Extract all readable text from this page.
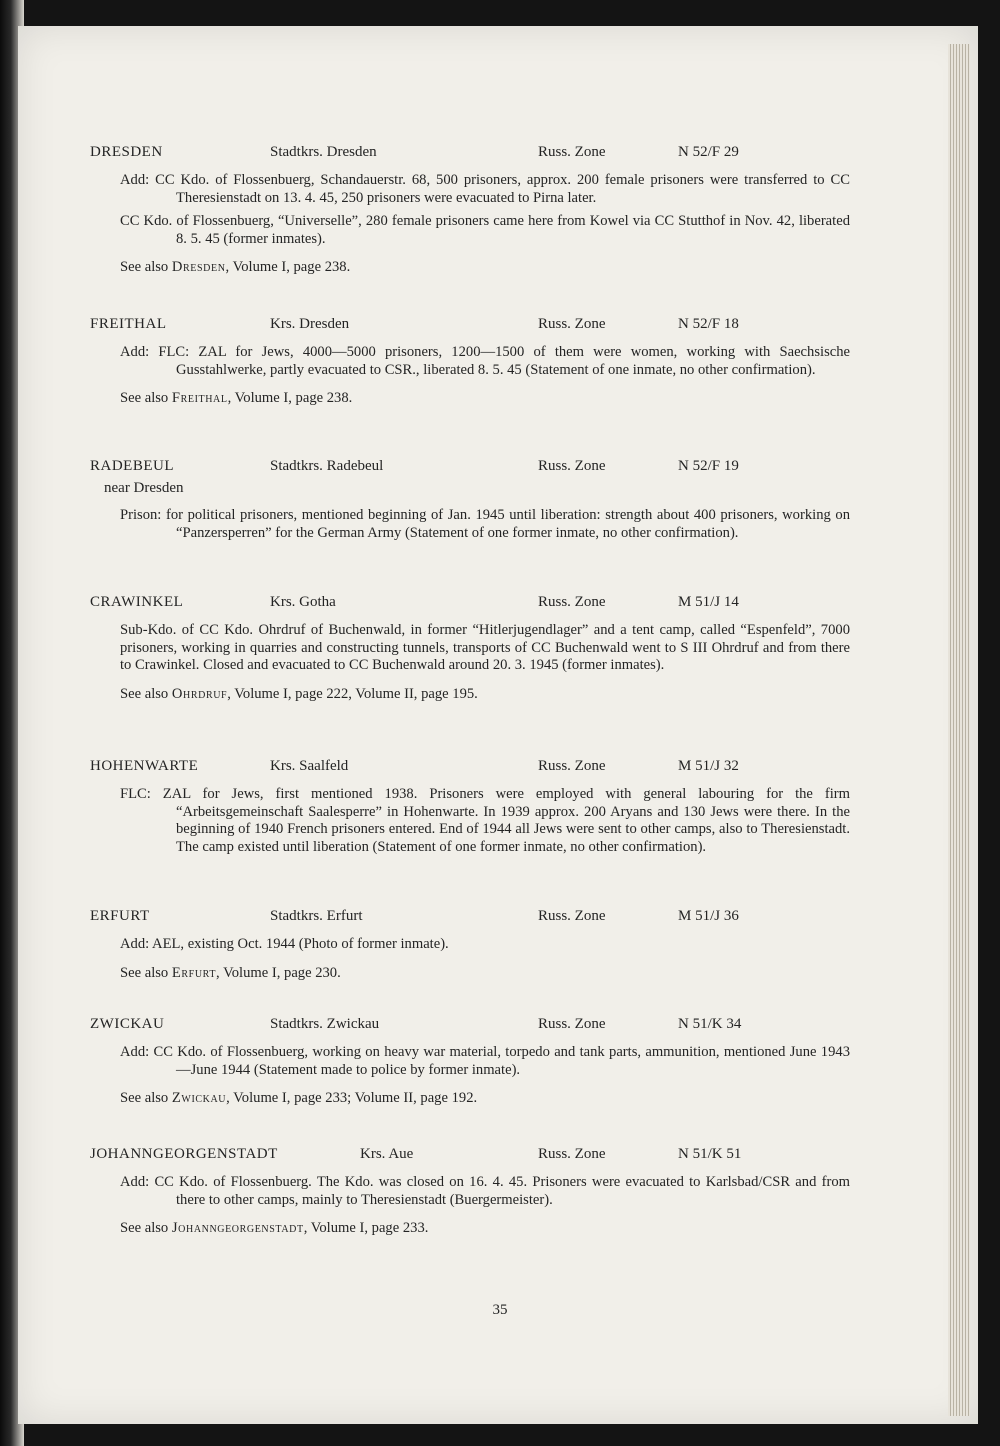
DRESDEN	Stadtkrs. Dresden	Russ. Zone	N 52/F 29

Add: CC Kdo. of Flossenbuerg, Schandauerstr. 68, 500 prisoners, approx. 200 female prisoners were transferred to CC Theresienstadt on 13. 4. 45, 250 prisoners were evacuated to Pirna later.

CC Kdo. of Flossenbuerg, “Universelle”, 280 female prisoners came here from Kowel via CC Stutthof in Nov. 42, liberated 8. 5. 45 (former inmates).

See also Dresden, Volume I, page 238.

FREITHAL	Krs. Dresden	Russ. Zone	N 52/F 18

Add: FLC: ZAL for Jews, 4000—5000 prisoners, 1200—1500 of them were women, working with Saechsische Gusstahlwerke, partly evacuated to CSR., liberated 8. 5. 45 (Statement of one inmate, no other confirmation).

See also Freithal, Volume I, page 238.

RADEBEUL	Stadtkrs. Radebeul	Russ. Zone	N 52/F 19
near Dresden

Prison: for political prisoners, mentioned beginning of Jan. 1945 until liberation: strength about 400 prisoners, working on “Panzersperren” for the German Army (Statement of one former inmate, no other confirmation).

CRAWINKEL	Krs. Gotha	Russ. Zone	M 51/J 14

Sub-Kdo. of CC Kdo. Ohrdruf of Buchenwald, in former “Hitlerjugendlager” and a tent camp, called “Espenfeld”, 7000 prisoners, working in quarries and constructing tunnels, transports of CC Buchenwald went to S III Ohrdruf and from there to Crawinkel. Closed and evacuated to CC Buchenwald around 20. 3. 1945 (former inmates).

See also Ohrdruf, Volume I, page 222, Volume II, page 195.

HOHENWARTE	Krs. Saalfeld	Russ. Zone	M 51/J 32

FLC: ZAL for Jews, first mentioned 1938. Prisoners were employed with general labouring for the firm “Arbeitsgemeinschaft Saalesperre” in Hohenwarte. In 1939 approx. 200 Aryans and 130 Jews were there. In the beginning of 1940 French prisoners entered. End of 1944 all Jews were sent to other camps, also to Theresienstadt. The camp existed until liberation (Statement of one former inmate, no other confirmation).

ERFURT	Stadtkrs. Erfurt	Russ. Zone	M 51/J 36

Add: AEL, existing Oct. 1944 (Photo of former inmate).

See also Erfurt, Volume I, page 230.

ZWICKAU	Stadtkrs. Zwickau	Russ. Zone	N 51/K 34

Add: CC Kdo. of Flossenbuerg, working on heavy war material, torpedo and tank parts, ammunition, mentioned June 1943—June 1944 (Statement made to police by former inmate).

See also Zwickau, Volume I, page 233; Volume II, page 192.

JOHANNGEORGENSTADT	Krs. Aue	Russ. Zone	N 51/K 51

Add: CC Kdo. of Flossenbuerg. The Kdo. was closed on 16. 4. 45. Prisoners were evacuated to Karlsbad/CSR and from there to other camps, mainly to Theresienstadt (Buergermeister).

See also Johanngeorgenstadt, Volume I, page 233.

35
